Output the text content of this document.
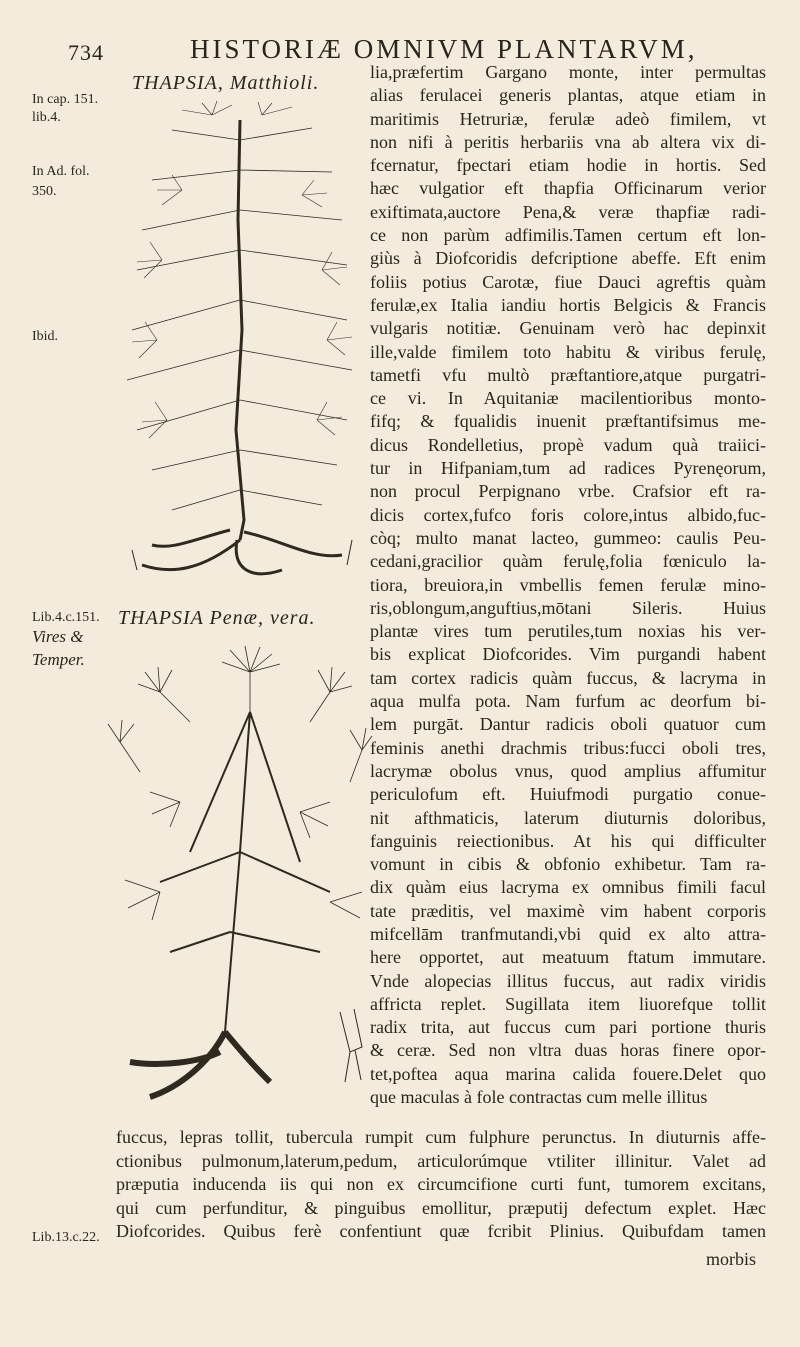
734	HISTORIÆ OMNIVM PLANTARVM,
In cap. 151.
lib.4.
In Ad. fol.
350.
Ibid.
Lib.4.c.151.
Vires &
Temper.
Lib.13.c.22.
THAPSIA, Matthioli.
THAPSIA Penæ, vera.
lia,præfertim Gargano monte, inter permultas
alias ferulacei generis plantas, atque etiam in
maritimis Hetruriæ, ferulæ adeò fimilem, vt
non nifi à peritis herbariis vna ab altera vix di-
fcernatur, fpectari etiam hodie in hortis. Sed
hæc vulgatior eft thapfia Officinarum verior
exiftimata,auctore Pena,& veræ thapfiæ radi-
ce non parùm adfimilis.Tamen certum eft lon-
giùs à Diofcoridis defcriptione abeffe. Eft enim
foliis potius Carotæ, fiue Dauci agreftis quàm
ferulæ,ex Italia iandiu hortis Belgicis & Francis
vulgaris notitiæ. Genuinam verò hac depinxit
ille,valde fimilem toto habitu & viribus ferulę,
tametfi vfu multò præftantiore,atque purgatri-
ce vi. In Aquitaniæ macilentioribus monto-
fifq; & fqualidis inuenit præftantifsimus me-
dicus Rondelletius, propè vadum quà traiici-
tur in Hifpaniam,tum ad radices Pyrenęorum,
non procul Perpignano vrbe. Crafsior eft ra-
dicis cortex,fufco foris colore,intus albido,fuc-
còq; multo manat lacteo, gummeo: caulis Peu-
cedani,gracilior quàm ferulę,folia fœniculo la-
tiora, breuiora,in vmbellis femen ferulæ mino-
ris,oblongum,anguftius,mōtani Sileris. Huius
plantæ vires tum perutiles,tum noxias his ver-
bis explicat Diofcorides. Vim purgandi habent
tam cortex radicis quàm fuccus, & lacryma in
aqua mulfa pota. Nam furfum ac deorfum bi-
lem purgāt. Dantur radicis oboli quatuor cum
feminis anethi drachmis tribus:fucci oboli tres,
lacrymæ obolus vnus, quod amplius affumitur
periculofum eft. Huiufmodi purgatio conue-
nit afthmaticis, laterum diuturnis doloribus,
fanguinis reiectionibus. At his qui difficulter
vomunt in cibis & obfonio exhibetur. Tam ra-
dix quàm eius lacryma ex omnibus fimili facul
tate præditis, vel maximè vim habent corporis
mifcellām tranfmutandi,vbi quid ex alto attra-
here opportet, aut meatuum ftatum immutare.
Vnde alopecias illitus fuccus, aut radix viridis
affricta replet. Sugillata item liuorefque tollit
radix trita, aut fuccus cum pari portione thuris
& ceræ. Sed non vltra duas horas finere opor-
tet,poftea aqua marina calida fouere.Delet quo
que maculas à fole contractas cum melle illitus
fuccus, lepras tollit, tubercula rumpit cum fulphure perunctus. In diuturnis affe-
ctionibus pulmonum,laterum,pedum, articulorúmque vtiliter illinitur. Valet ad
præputia inducenda iis qui non ex circumcifione curti funt, tumorem excitans,
qui cum perfunditur, & pinguibus emollitur, præputij defectum explet. Hæc
Diofcorides. Quibus ferè confentiunt quæ fcribit Plinius. Quibufdam tamen
morbis
